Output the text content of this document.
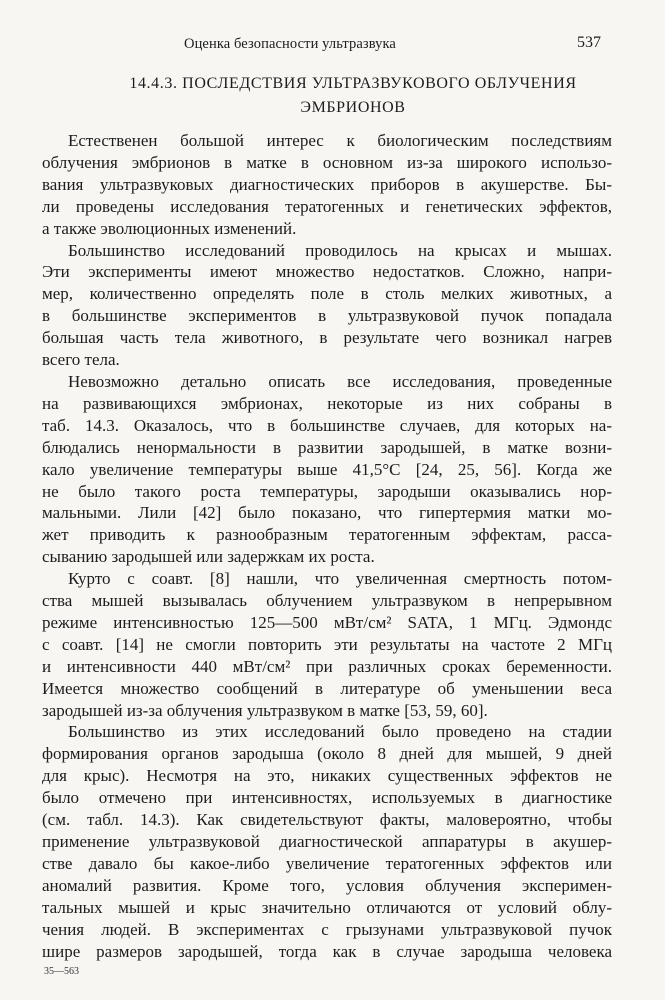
Оценка безопасности ультразвука	537
14.4.3. ПОСЛЕДСТВИЯ УЛЬТРАЗВУКОВОГО ОБЛУЧЕНИЯ
ЭМБРИОНОВ

Естественен большой интерес к биологическим последствиям
облучения эмбрионов в матке в основном из-за широкого использо-
вания ультразвуковых диагностических приборов в акушерстве. Бы-
ли проведены исследования тератогенных и генетических эффектов,
а также эволюционных изменений.

Большинство исследований проводилось на крысах и мышах.
Эти эксперименты имеют множество недостатков. Сложно, напри-
мер, количественно определять поле в столь мелких животных, а
в большинстве экспериментов в ультразвуковой пучок попадала
большая часть тела животного, в результате чего возникал нагрев
всего тела.

Невозможно детально описать все исследования, проведенные
на развивающихся эмбрионах, некоторые из них собраны в
таб. 14.3. Оказалось, что в большинстве случаев, для которых на-
блюдались ненормальности в развитии зародышей, в матке возни-
кало увеличение температуры выше 41,5°С [24, 25, 56]. Когда же
не было такого роста температуры, зародыши оказывались нор-
мальными. Лили [42] было показано, что гипертермия матки мо-
жет приводить к разнообразным тератогенным эффектам, расса-
сыванию зародышей или задержкам их роста.

Курто с соавт. [8] нашли, что увеличенная смертность потом-
ства мышей вызывалась облучением ультразвуком в непрерывном
режиме интенсивностью 125—500 мВт/см² SATA, 1 МГц. Эдмондс
с соавт. [14] не смогли повторить эти результаты на частоте 2 МГц
и интенсивности 440 мВт/см² при различных сроках беременности.
Имеется множество сообщений в литературе об уменьшении веса
зародышей из-за облучения ультразвуком в матке [53, 59, 60].

Большинство из этих исследований было проведено на стадии
формирования органов зародыша (около 8 дней для мышей, 9 дней
для крыс). Несмотря на это, никаких существенных эффектов не
было отмечено при интенсивностях, используемых в диагностике
(см. табл. 14.3). Как свидетельствуют факты, маловероятно, чтобы
применение ультразвуковой диагностической аппаратуры в акушер-
стве давало бы какое-либо увеличение тератогенных эффектов или
аномалий развития. Кроме того, условия облучения эксперимен-
тальных мышей и крыс значительно отличаются от условий облу-
чения людей. В экспериментах с грызунами ультразвуковой пучок
шире размеров зародышей, тогда как в случае зародыша человека

35—563
